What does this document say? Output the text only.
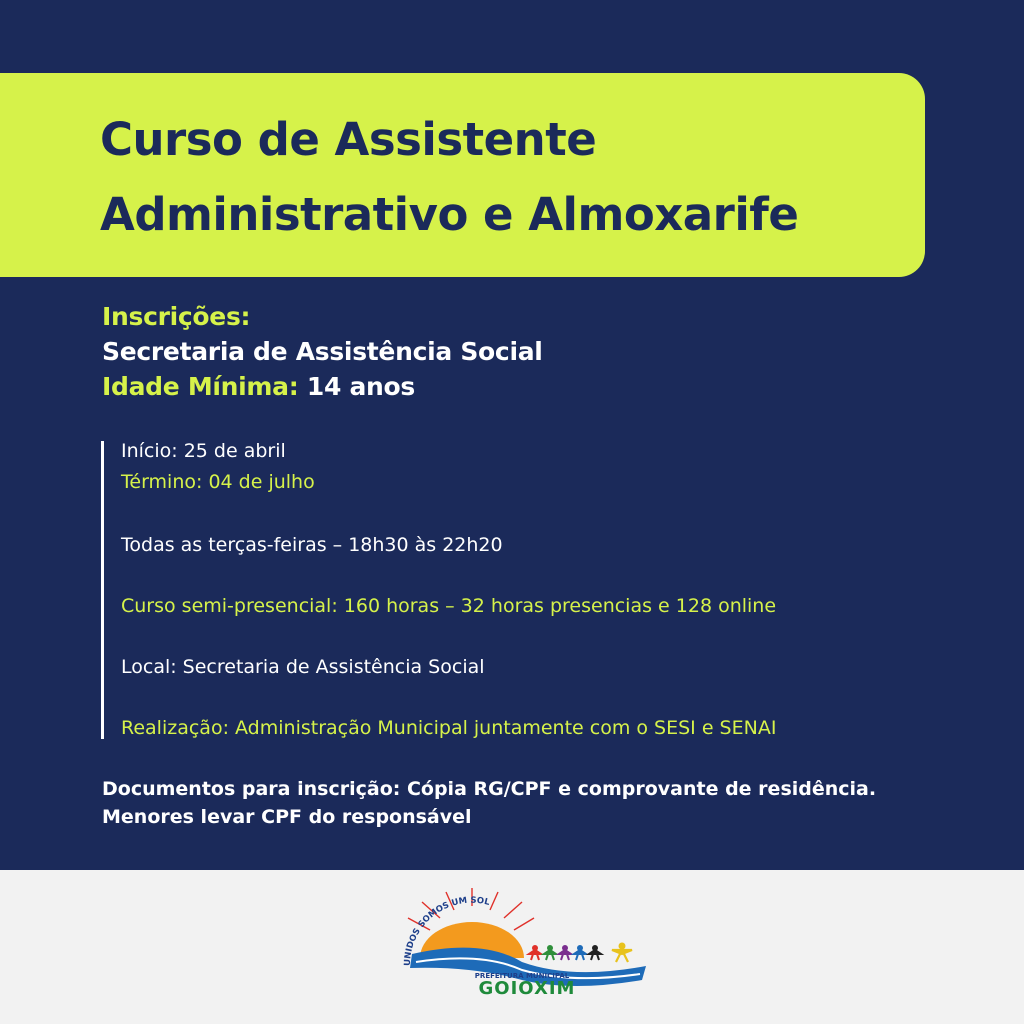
Curso de Assistente
Administrativo e Almoxarife
Inscrições:
Secretaria de Assistência Social
Idade Mínima: 14 anos
Início: 25 de abril
Término: 04 de julho
Todas as terças-feiras – 18h30 às 22h20
Curso semi-presencial: 160 horas – 32 horas presencias e 128 online
Local: Secretaria de Assistência Social
Realização: Administração Municipal juntamente com o SESI e SENAI
Documentos para inscrição: Cópia RG/CPF e comprovante de residência.
Menores levar CPF do responsável
UNIDOS SOMOS UM SOL
PREFEITURA MUNICIPAL
GOIOXIM
